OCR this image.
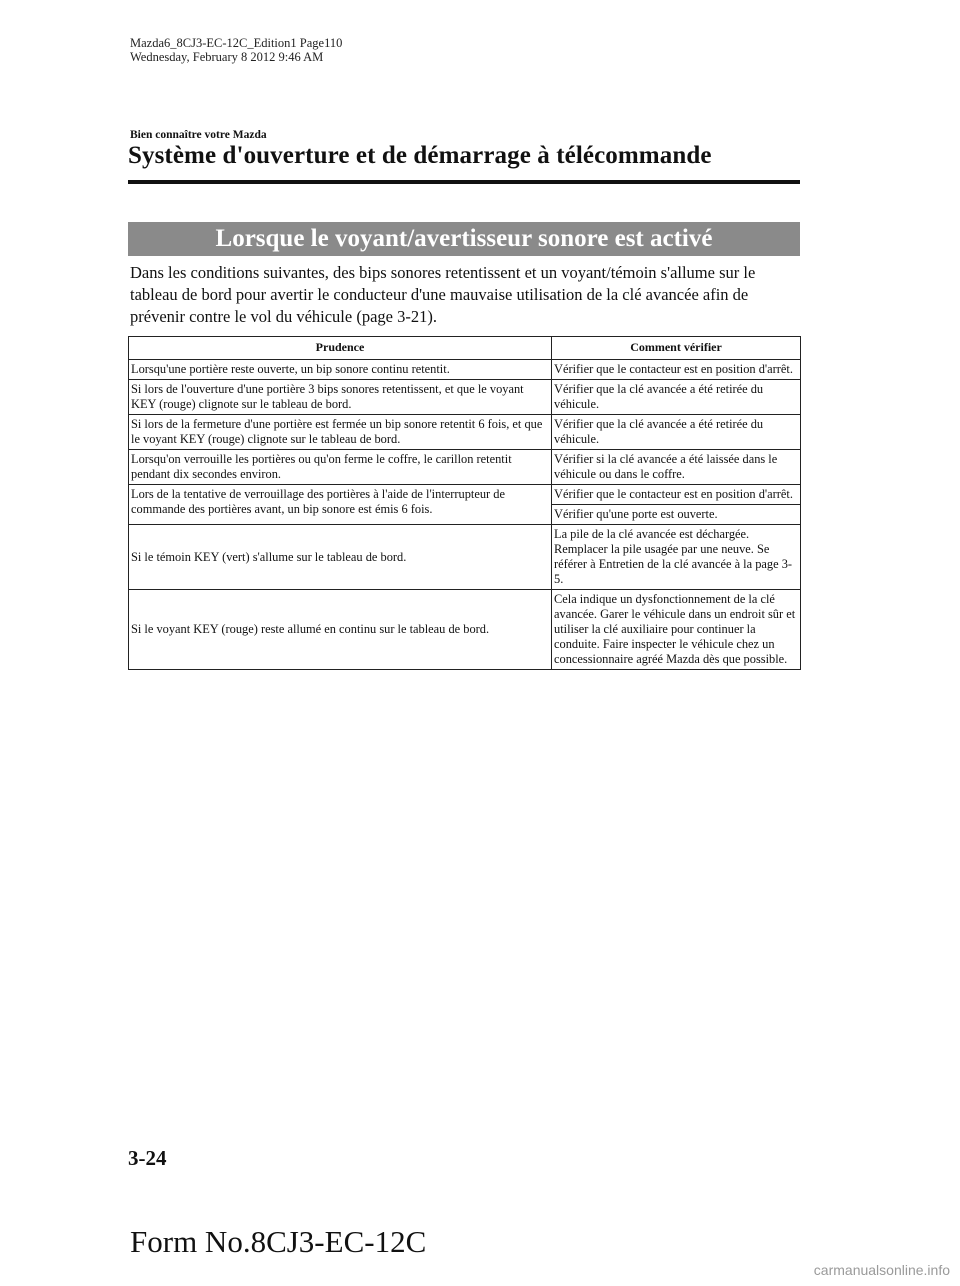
Mazda6_8CJ3-EC-12C_Edition1 Page110
Wednesday, February 8 2012 9:46 AM
Bien connaître votre Mazda
Système d'ouverture et de démarrage à télécommande
Lorsque le voyant/avertisseur sonore est activé

Dans les conditions suivantes, des bips sonores retentissent et un voyant/témoin s'allume sur le tableau de bord pour avertir le conducteur d'une mauvaise utilisation de la clé avancée afin de prévenir contre le vol du véhicule (page 3-21).

Prudence	Comment vérifier
Lorsqu'une portière reste ouverte, un bip sonore continu retentit.	Vérifier que le contacteur est en position d'arrêt.
Si lors de l'ouverture d'une portière 3 bips sonores retentissent, et que le voyant KEY (rouge) clignote sur le tableau de bord.	Vérifier que la clé avancée a été retirée du véhicule.
Si lors de la fermeture d'une portière est fermée un bip sonore retentit 6 fois, et que le voyant KEY (rouge) clignote sur le tableau de bord.	Vérifier que la clé avancée a été retirée du véhicule.
Lorsqu'on verrouille les portières ou qu'on ferme le coffre, le carillon retentit pendant dix secondes environ.	Vérifier si la clé avancée a été laissée dans le véhicule ou dans le coffre.
Lors de la tentative de verrouillage des portières à l'aide de l'interrupteur de commande des portières avant, un bip sonore est émis 6 fois.	Vérifier que le contacteur est en position d'arrêt.
	Vérifier qu'une porte est ouverte.
Si le témoin KEY (vert) s'allume sur le tableau de bord.	La pile de la clé avancée est déchargée. Remplacer la pile usagée par une neuve. Se référer à Entretien de la clé avancée à la page 3-5.
Si le voyant KEY (rouge) reste allumé en continu sur le tableau de bord.	Cela indique un dysfonctionnement de la clé avancée. Garer le véhicule dans un endroit sûr et utiliser la clé auxiliaire pour continuer la conduite. Faire inspecter le véhicule chez un concessionnaire agréé Mazda dès que possible.
3-24
Form No.8CJ3-EC-12C
carmanualsonline.info
